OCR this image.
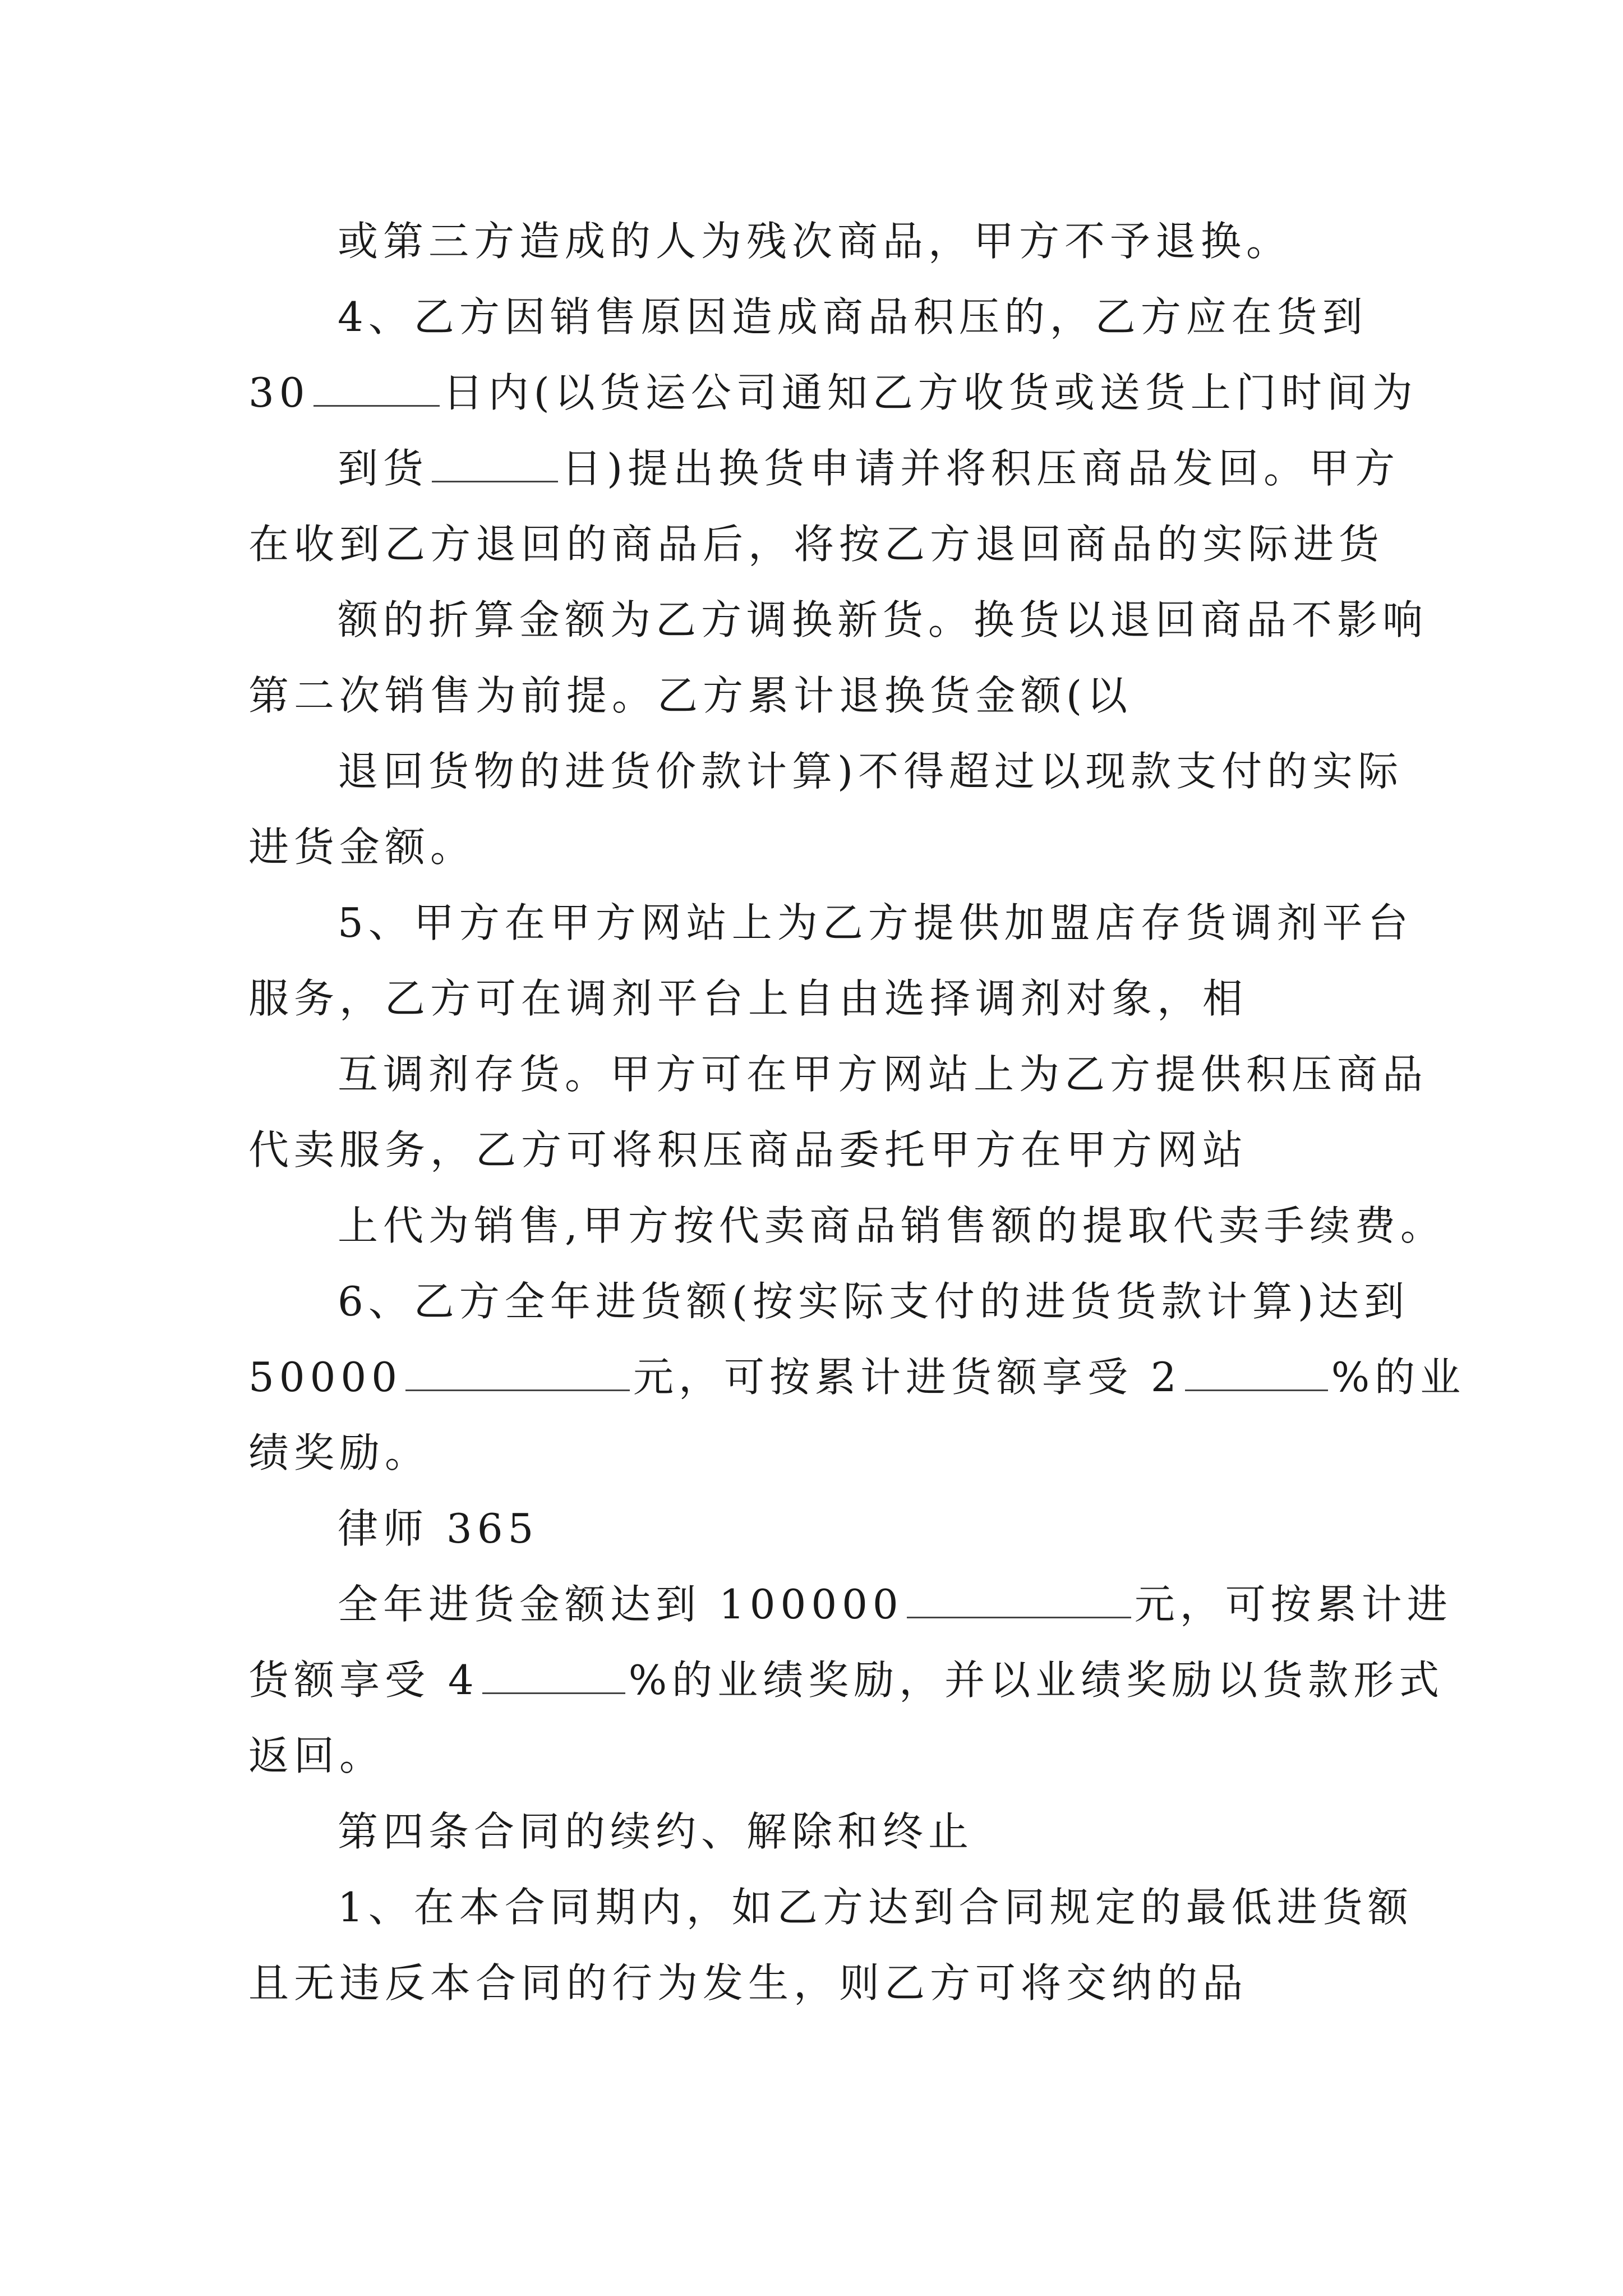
或第三方造成的人为残次商品，甲方不予退换。
4、乙方因销售原因造成商品积压的，乙方应在货到
30	日内(以货运公司通知乙方收货或送货上门时间为
到货	日)提出换货申请并将积压商品发回。甲方
在收到乙方退回的商品后，将按乙方退回商品的实际进货
额的折算金额为乙方调换新货。换货以退回商品不影响
第二次销售为前提。乙方累计退换货金额(以
退回货物的进货价款计算)不得超过以现款支付的实际
进货金额。
5、甲方在甲方网站上为乙方提供加盟店存货调剂平台
服务，乙方可在调剂平台上自由选择调剂对象，相
互调剂存货。甲方可在甲方网站上为乙方提供积压商品
代卖服务，乙方可将积压商品委托甲方在甲方网站
上代为销售,甲方按代卖商品销售额的提取代卖手续费。
6、乙方全年进货额(按实际支付的进货货款计算)达到
50000	元，可按累计进货额享受 2	%的业
绩奖励。
律师 365
全年进货金额达到 100000	元，可按累计进
货额享受 4	%的业绩奖励，并以业绩奖励以货款形式
返回。
第四条合同的续约、解除和终止
1、在本合同期内，如乙方达到合同规定的最低进货额
且无违反本合同的行为发生，则乙方可将交纳的品
